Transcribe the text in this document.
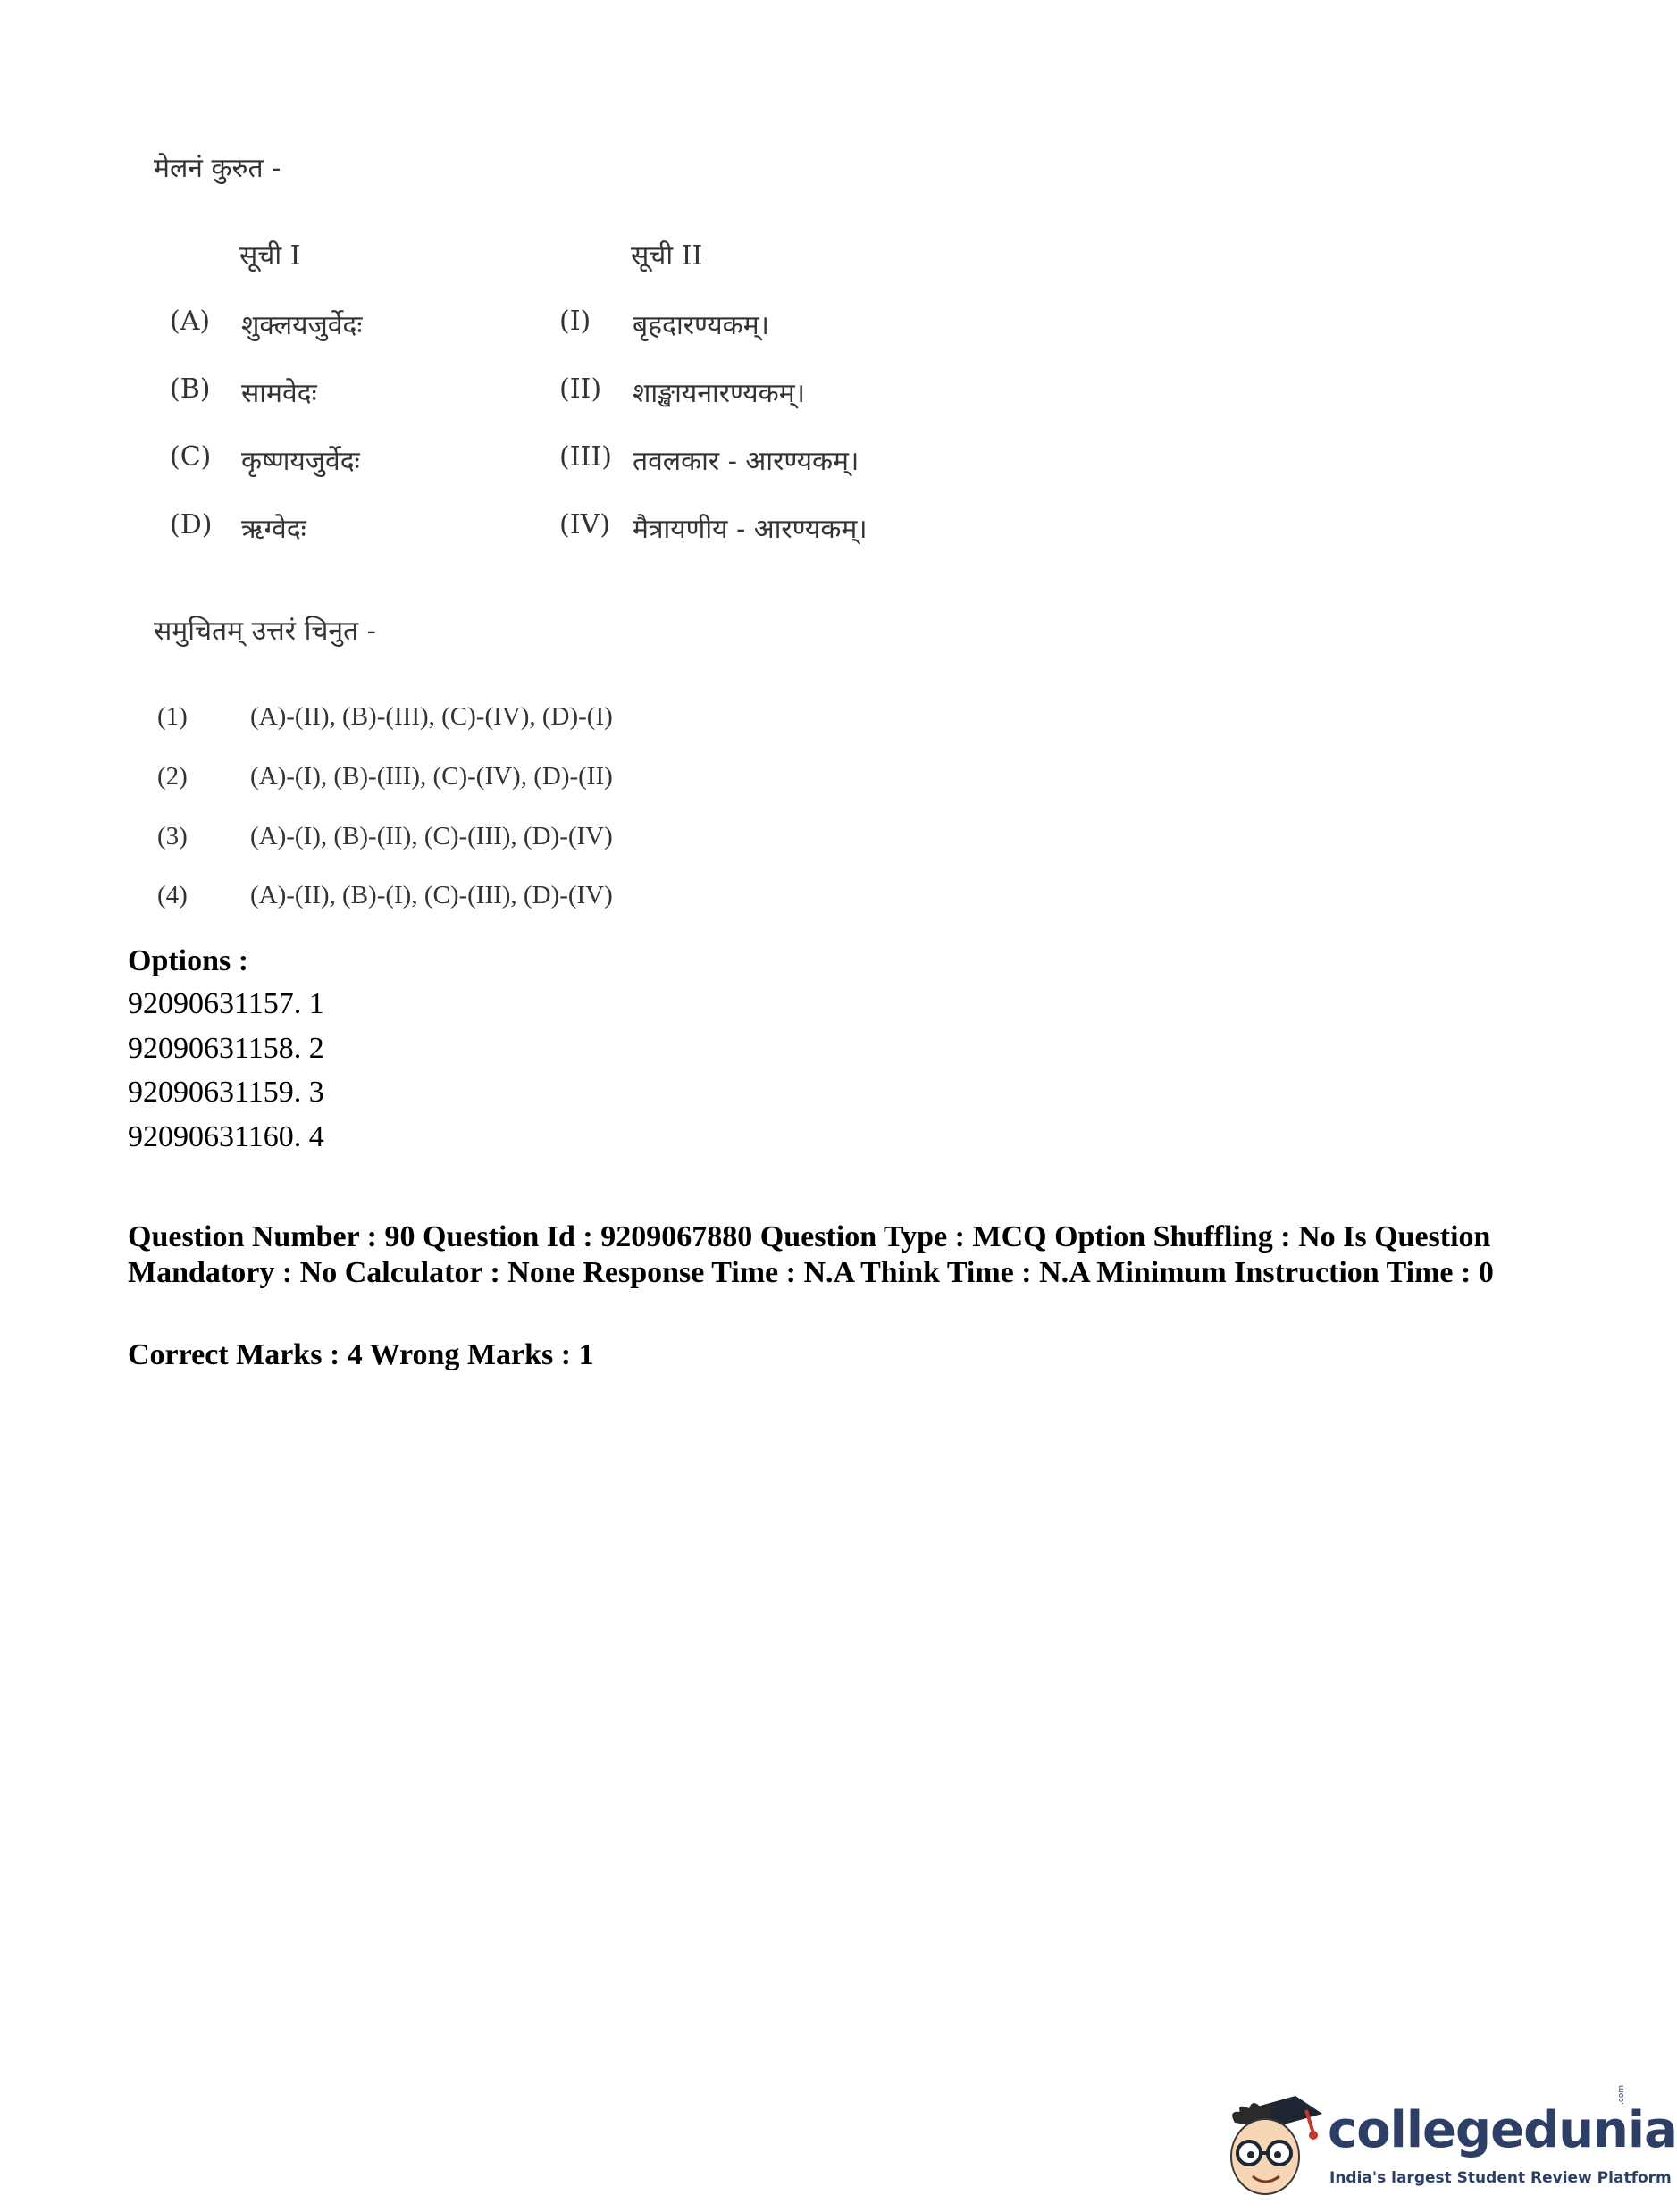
मेलनं कुरुत -
सूची I	सूची II
(A) शुक्लयजुर्वेदः	(I) बृहदारण्यकम्।
(B) सामवेदः	(II) शाङ्खायनारण्यकम्।
(C) कृष्णयजुर्वेदः	(III) तवलकार - आरण्यकम्।
(D) ऋग्वेदः	(IV) मैत्रायणीय - आरण्यकम्।
समुचितम् उत्तरं चिनुत -
(1) (A)-(II), (B)-(III), (C)-(IV), (D)-(I)
(2) (A)-(I), (B)-(III), (C)-(IV), (D)-(II)
(3) (A)-(I), (B)-(II), (C)-(III), (D)-(IV)
(4) (A)-(II), (B)-(I), (C)-(III), (D)-(IV)
Options :
92090631157. 1
92090631158. 2
92090631159. 3
92090631160. 4
Question Number : 90 Question Id : 9209067880 Question Type : MCQ Option Shuffling : No Is Question Mandatory : No Calculator : None Response Time : N.A Think Time : N.A Minimum Instruction Time : 0
Correct Marks : 4 Wrong Marks : 1
collegedunia
.com
India's largest Student Review Platform
